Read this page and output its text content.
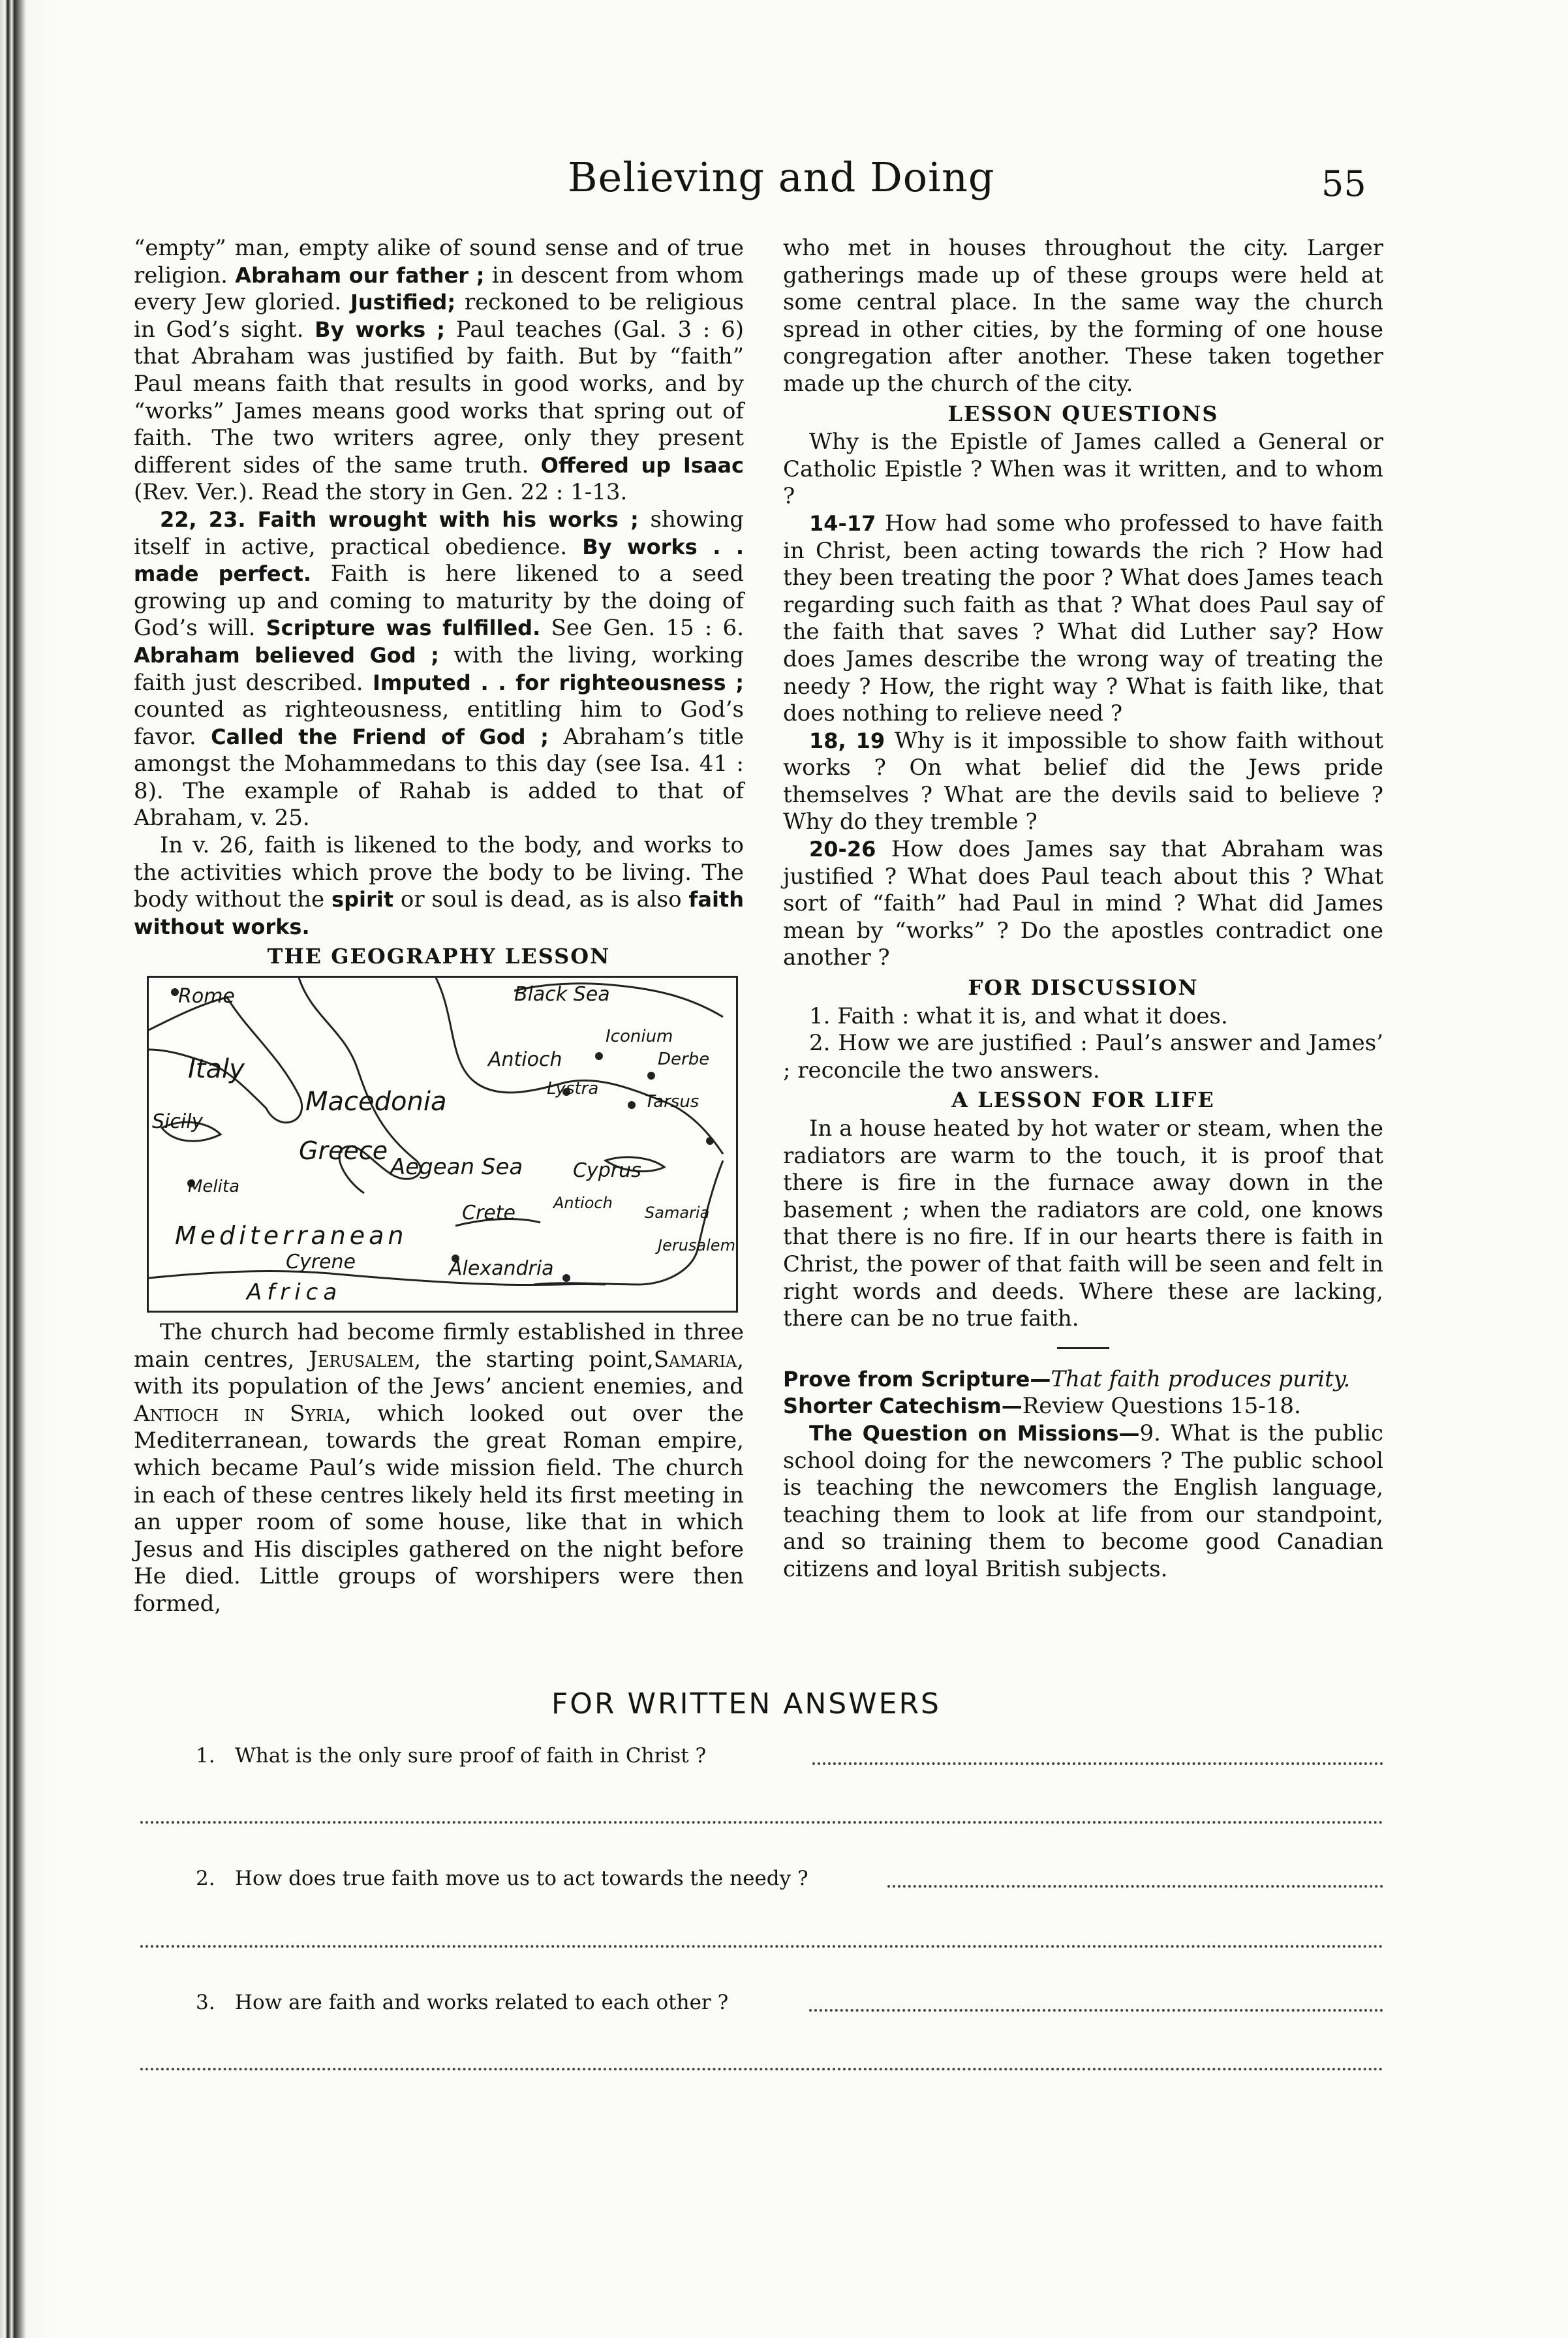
Believing and Doing	55

“empty” man, empty alike of sound sense and of true religion. Abraham our father ; in descent from whom every Jew gloried. Justified; reckoned to be religious in God’s sight. By works ; Paul teaches (Gal. 3 : 6) that Abraham was justified by faith. But by “faith” Paul means faith that results in good works, and by “works” James means good works that spring out of faith. The two writers agree, only they present different sides of the same truth. Offered up Isaac (Rev. Ver.). Read the story in Gen. 22 : 1-13.

22, 23. Faith wrought with his works ; showing itself in active, practical obedience. By works . . made perfect. Faith is here likened to a seed growing up and coming to maturity by the doing of God’s will. Scripture was fulfilled. See Gen. 15 : 6. Abraham believed God ; with the living, working faith just described. Imputed . . for righteousness ; counted as righteousness, entitling him to God’s favor. Called the Friend of God ; Abraham’s title amongst the Mohammedans to this day (see Isa. 41 : 8). The example of Rahab is added to that of Abraham, v. 25.

In v. 26, faith is likened to the body, and works to the activities which prove the body to be living. The body without the spirit or soul is dead, as is also faith without works.

THE GEOGRAPHY LESSON
Rome
Italy
Macedonia
Black Sea
Antioch
Iconium
Derbe
Lystra
Tarsus
Sicily
Greece
Melita
Aegean Sea	Cyprus
Antioch
Mediterranean
Crete	Samaria
Jerusalem
Cyrene	Alexandria
Africa

The church had become firmly established in three main centres, Jerusalem, the starting point,Samaria, with its population of the Jews’ ancient enemies, and Antioch in Syria, which looked out over the Mediterranean, towards the great Roman empire, which became Paul’s wide mission field. The church in each of these centres likely held its first meeting in an upper room of some house, like that in which Jesus and His disciples gathered on the night before He died. Little groups of worshipers were then formed,

who met in houses throughout the city. Larger gatherings made up of these groups were held at some central place. In the same way the church spread in other cities, by the forming of one house congregation after another. These taken together made up the church of the city.

LESSON QUESTIONS

Why is the Epistle of James called a General or Catholic Epistle ? When was it written, and to whom ?

14-17 How had some who professed to have faith in Christ, been acting towards the rich ? How had they been treating the poor ? What does James teach regarding such faith as that ? What does Paul say of the faith that saves ? What did Luther say? How does James describe the wrong way of treating the needy ? How, the right way ? What is faith like, that does nothing to relieve need ?

18, 19 Why is it impossible to show faith without works ? On what belief did the Jews pride themselves ? What are the devils said to believe ? Why do they tremble ?

20-26 How does James say that Abraham was justified ? What does Paul teach about this ? What sort of “faith” had Paul in mind ? What did James mean by “works” ? Do the apostles contradict one another ?

FOR DISCUSSION

1. Faith : what it is, and what it does.

2. How we are justified : Paul’s answer and James’ ; reconcile the two answers.

A LESSON FOR LIFE

In a house heated by hot water or steam, when the radiators are warm to the touch, it is proof that there is fire in the furnace away down in the basement ; when the radiators are cold, one knows that there is no fire. If in our hearts there is faith in Christ, the power of that faith will be seen and felt in right words and deeds. Where these are lacking, there can be no true faith.

Prove from Scripture—That faith produces purity.

Shorter Catechism—Review Questions 15-18.

The Question on Missions—9. What is the public school doing for the newcomers ? The public school is teaching the newcomers the English language, teaching them to look at life from our standpoint, and so training them to become good Canadian citizens and loyal British subjects.

FOR WRITTEN ANSWERS
1. What is the only sure proof of faith in Christ ?
2. How does true faith move us to act towards the needy ?
3. How are faith and works related to each other ?
